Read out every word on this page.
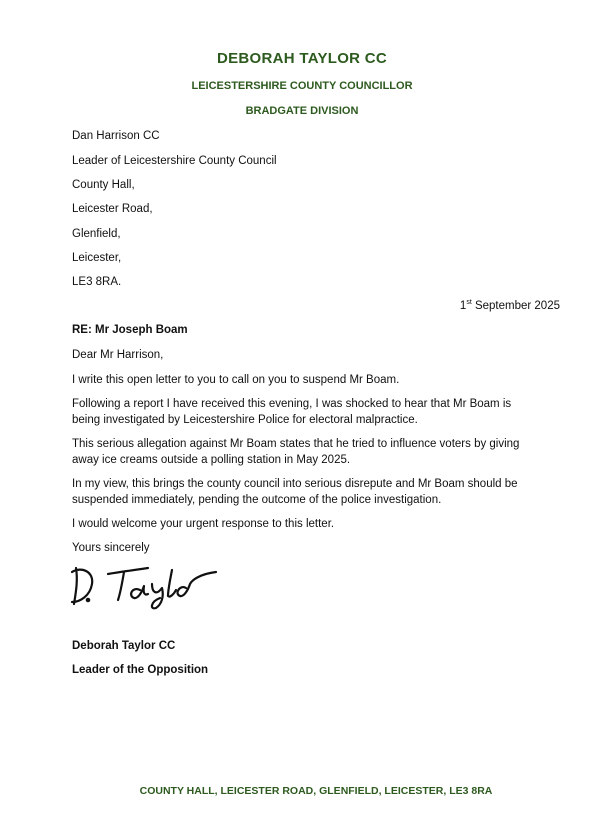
DEBORAH TAYLOR CC
LEICESTERSHIRE COUNTY COUNCILLOR
BRADGATE DIVISION
Dan Harrison CC
Leader of Leicestershire County Council
County Hall,
Leicester Road,
Glenfield,
Leicester,
LE3 8RA.
1st September 2025
RE: Mr Joseph Boam
Dear Mr Harrison,
I write this open letter to you to call on you to suspend Mr Boam.
Following a report I have received this evening, I was shocked to hear that Mr Boam is being investigated by Leicestershire Police for electoral malpractice.
This serious allegation against Mr Boam states that he tried to influence voters by giving away ice creams outside a polling station in May 2025.
In my view, this brings the county council into serious disrepute and Mr Boam should be suspended immediately, pending the outcome of the police investigation.
I would welcome your urgent response to this letter.
Yours sincerely
Deborah Taylor CC
Leader of the Opposition
COUNTY HALL, LEICESTER ROAD, GLENFIELD, LEICESTER, LE3 8RA
